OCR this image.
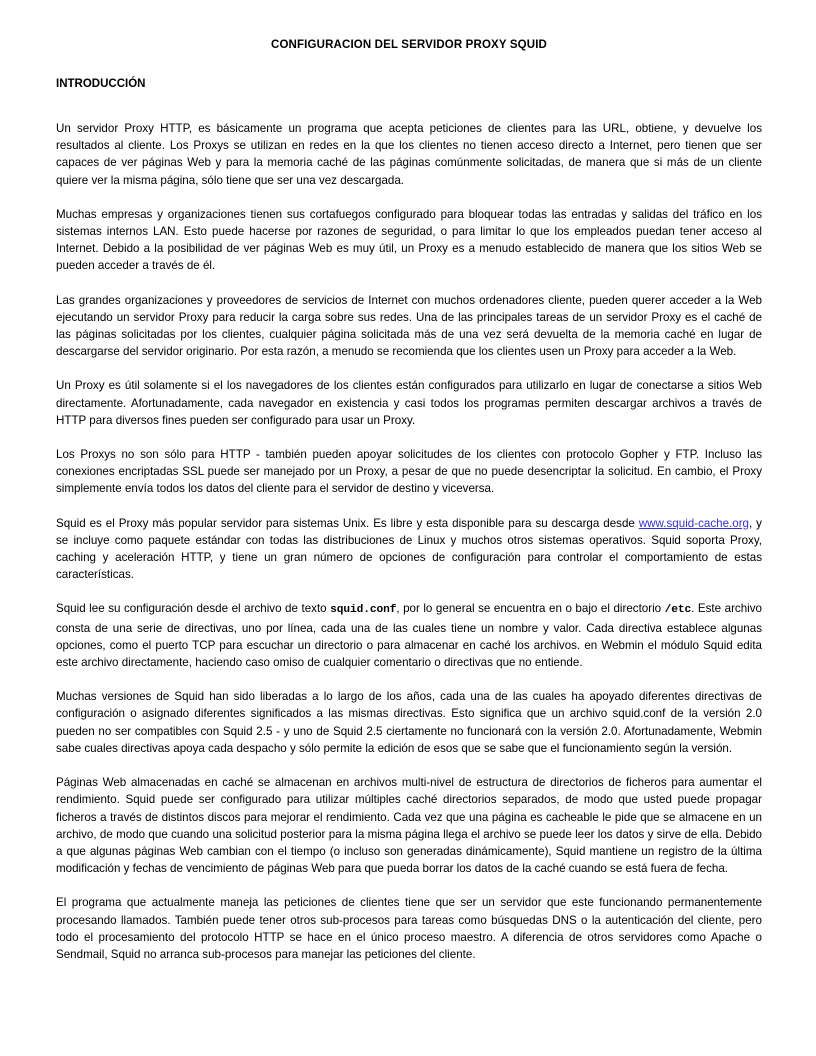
CONFIGURACION DEL SERVIDOR PROXY SQUID
INTRODUCCIÓN

Un servidor Proxy HTTP, es básicamente un programa que acepta peticiones de clientes para las URL, obtiene, y devuelve los resultados al cliente. Los Proxys se utilizan en redes en la que los clientes no tienen acceso directo a Internet, pero tienen que ser capaces de ver páginas Web y para la memoria caché de las páginas comúnmente solicitadas, de manera que si más de un cliente quiere ver la misma página, sólo tiene que ser una vez descargada.

Muchas empresas y organizaciones tienen sus cortafuegos configurado para bloquear todas las entradas y salidas del tráfico en los sistemas internos LAN. Esto puede hacerse por razones de seguridad, o para limitar lo que los empleados puedan tener acceso al Internet. Debido a la posibilidad de ver páginas Web es muy útil, un Proxy es a menudo establecido de manera que los sitios Web se pueden acceder a través de él.

Las grandes organizaciones y proveedores de servicios de Internet con muchos ordenadores cliente, pueden querer acceder a la Web ejecutando un servidor Proxy para reducir la carga sobre sus redes. Una de las principales tareas de un servidor Proxy es el caché de las páginas solicitadas por los clientes, cualquier página solicitada más de una vez será devuelta de la memoria caché en lugar de descargarse del servidor originario. Por esta razón, a menudo se recomienda que los clientes usen un Proxy para acceder a la Web.

Un Proxy es útil solamente si el los navegadores de los clientes están configurados para utilizarlo en lugar de conectarse a sitios Web directamente. Afortunadamente, cada navegador en existencia y casi todos los programas permiten descargar archivos a través de HTTP para diversos fines pueden ser configurado para usar un Proxy.

Los Proxys no son sólo para HTTP - también pueden apoyar solicitudes de los clientes con protocolo Gopher y FTP. Incluso las conexiones encriptadas SSL puede ser manejado por un Proxy, a pesar de que no puede desencriptar la solicitud. En cambio, el Proxy simplemente envía todos los datos del cliente para el servidor de destino y viceversa.

Squid es el Proxy más popular servidor para sistemas Unix. Es libre y esta disponible para su descarga desde www.squid-cache.org, y se incluye como paquete estándar con todas las distribuciones de Linux y muchos otros sistemas operativos. Squid soporta Proxy, caching y aceleración HTTP, y tiene un gran número de opciones de configuración para controlar el comportamiento de estas características.

Squid lee su configuración desde el archivo de texto squid.conf, por lo general se encuentra en o bajo el directorio /etc. Este archivo consta de una serie de directivas, uno por línea, cada una de las cuales tiene un nombre y valor. Cada directiva establece algunas opciones, como el puerto TCP para escuchar un directorio o para almacenar en caché los archivos. en Webmin el módulo Squid edita este archivo directamente, haciendo caso omiso de cualquier comentario o directivas que no entiende.

Muchas versiones de Squid han sido liberadas a lo largo de los años, cada una de las cuales ha apoyado diferentes directivas de configuración o asignado diferentes significados a las mismas directivas. Esto significa que un archivo squid.conf de la versión 2.0 pueden no ser compatibles con Squid 2.5 - y uno de Squid 2.5 ciertamente no funcionará con la versión 2.0. Afortunadamente, Webmin sabe cuales directivas apoya cada despacho y sólo permite la edición de esos que se sabe que el funcionamiento según la versión.

Páginas Web almacenadas en caché se almacenan en archivos multi-nivel de estructura de directorios de ficheros para aumentar el rendimiento. Squid puede ser configurado para utilizar múltiples caché directorios separados, de modo que usted puede propagar ficheros a través de distintos discos para mejorar el rendimiento. Cada vez que una página es cacheable le pide que se almacene en un archivo, de modo que cuando una solicitud posterior para la misma página llega el archivo se puede leer los datos y sirve de ella. Debido a que algunas páginas Web cambian con el tiempo (o incluso son generadas dinámicamente), Squid mantiene un registro de la última modificación y fechas de vencimiento de páginas Web para que pueda borrar los datos de la caché cuando se está fuera de fecha.

El programa que actualmente maneja las peticiones de clientes tiene que ser un servidor que este funcionando permanentemente procesando llamados. También puede tener otros sub-procesos para tareas como búsquedas DNS o la autenticación del cliente, pero todo el procesamiento del protocolo HTTP se hace en el único proceso maestro. A diferencia de otros servidores como Apache o Sendmail, Squid no arranca sub-procesos para manejar las peticiones del cliente.
